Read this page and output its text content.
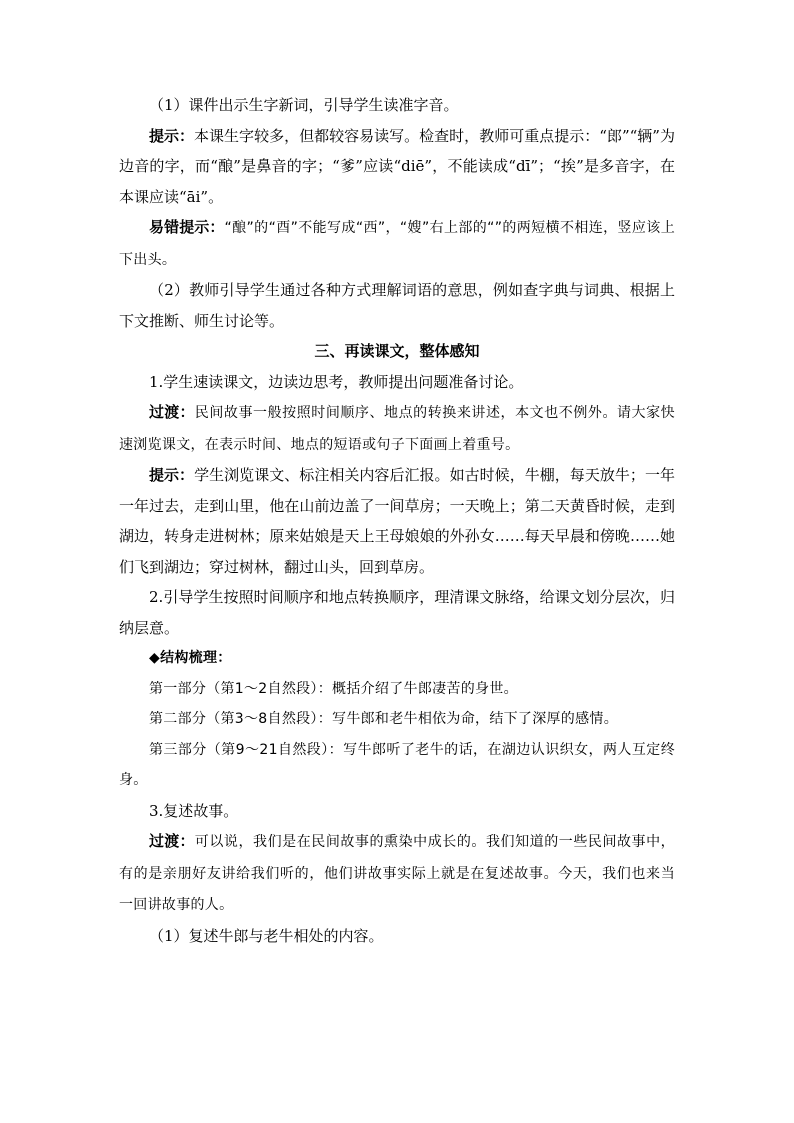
（1）课件出示生字新词，引导学生读准字音。

提示：本课生字较多，但都较容易读写。检查时，教师可重点提示：“郎”“辆”为边音的字，而“酿”是鼻音的字；“爹”应读“diē”，不能读成“dī”；“挨”是多音字，在本课应读“āi”。

易错提示：“酿”的“酉”不能写成“西”，“嫂”右上部的“”的两短横不相连，竖应该上下出头。

（2）教师引导学生通过各种方式理解词语的意思，例如查字典与词典、根据上下文推断、师生讨论等。

三、再读课文，整体感知

1.学生速读课文，边读边思考，教师提出问题准备讨论。

过渡：民间故事一般按照时间顺序、地点的转换来讲述，本文也不例外。请大家快速浏览课文，在表示时间、地点的短语或句子下面画上着重号。

提示：学生浏览课文、标注相关内容后汇报。如古时候，牛棚，每天放牛；一年一年过去，走到山里，他在山前边盖了一间草房；一天晚上；第二天黄昏时候，走到湖边，转身走进树林；原来姑娘是天上王母娘娘的外孙女……每天早晨和傍晚……她们飞到湖边；穿过树林，翻过山头，回到草房。

2.引导学生按照时间顺序和地点转换顺序，理清课文脉络，给课文划分层次，归纳层意。

◆结构梳理：

第一部分（第1～2自然段）：概括介绍了牛郎凄苦的身世。

第二部分（第3～8自然段）：写牛郎和老牛相依为命，结下了深厚的感情。

第三部分（第9～21自然段）：写牛郎听了老牛的话，在湖边认识织女，两人互定终身。

3.复述故事。

过渡：可以说，我们是在民间故事的熏染中成长的。我们知道的一些民间故事中，有的是亲朋好友讲给我们听的，他们讲故事实际上就是在复述故事。今天，我们也来当一回讲故事的人。

（1）复述牛郎与老牛相处的内容。
